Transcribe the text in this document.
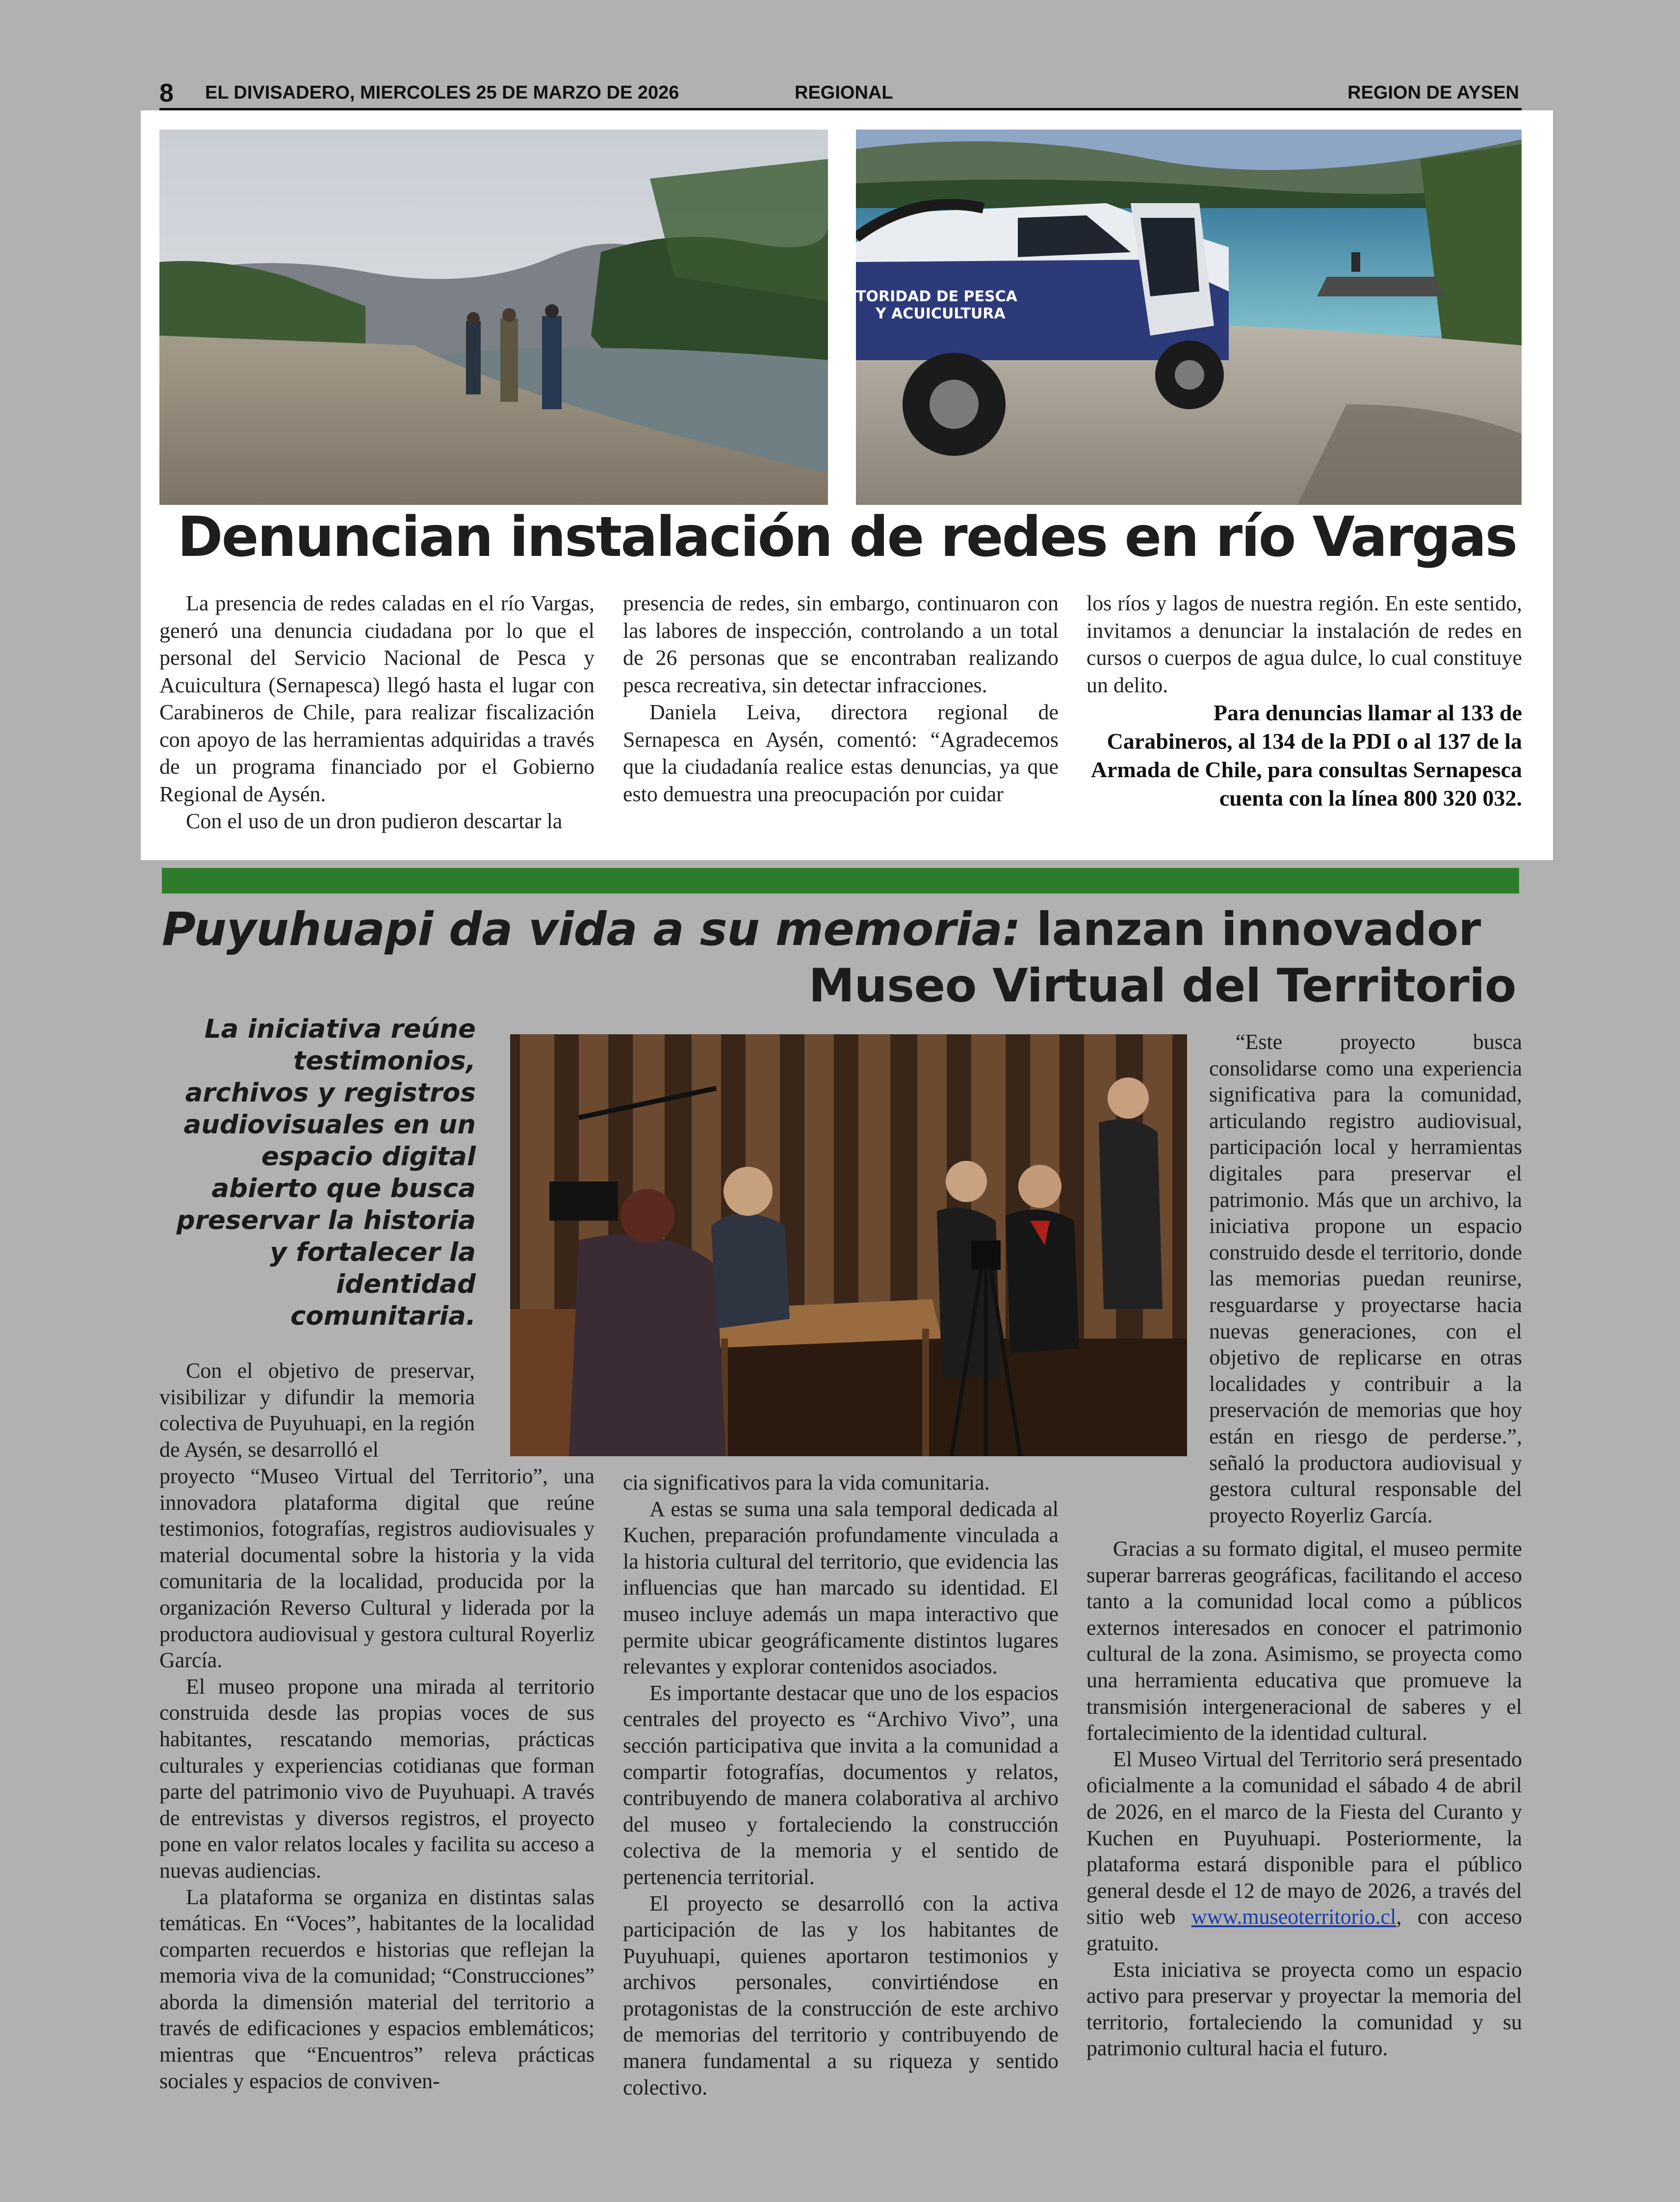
8 EL DIVISADERO, MIERCOLES 25 DE MARZO DE 2026	REGIONAL	REGION DE AYSEN
TORIDAD DE PESCA
Y ACUICULTURA
Denuncian instalación de redes en río Vargas

La presencia de redes caladas en el río Vargas, generó una denuncia ciudadana por lo que el personal del Servicio Nacional de Pesca y Acuicultura (Sernapesca) llegó hasta el lugar con Carabineros de Chile, para realizar fiscalización con apoyo de las herramientas adquiridas a través de un programa financiado por el Gobierno Regional de Aysén.

Con el uso de un dron pudieron descartar la

presencia de redes, sin embargo, continuaron con las labores de inspección, controlando a un total de 26 personas que se encontraban realizando pesca recreativa, sin detectar infracciones.

Daniela Leiva, directora regional de Sernapesca en Aysén, comentó: “Agradecemos que la ciudadanía realice estas denuncias, ya que esto demuestra una preocupación por cuidar

los ríos y lagos de nuestra región. En este sentido, invitamos a denunciar la instalación de redes en cursos o cuerpos de agua dulce, lo cual constituye un delito.

Para denuncias llamar al 133 de Carabineros, al 134 de la PDI o al 137 de la Armada de Chile, para consultas Sernapesca cuenta con la línea 800 320 032.

Puyuhuapi da vida a su memoria: lanzan innovador
Museo Virtual del Territorio
La iniciativa reúne testimonios, archivos y registros audiovisuales en un espacio digital abierto que busca preservar la historia y fortalecer la identidad comunitaria.

Con el objetivo de preservar, visibilizar y difundir la memoria colectiva de Puyuhuapi, en la región de Aysén, se desarrolló el

proyecto “Museo Virtual del Territorio”, una innovadora plataforma digital que reúne testimonios, fotografías, registros audiovisuales y material documental sobre la historia y la vida comunitaria de la localidad, producida por la organización Reverso Cultural y liderada por la productora audiovisual y gestora cultural Royerliz García.

El museo propone una mirada al territorio construida desde las propias voces de sus habitantes, rescatando memorias, prácticas culturales y experiencias cotidianas que forman parte del patrimonio vivo de Puyuhuapi. A través de entrevistas y diversos registros, el proyecto pone en valor relatos locales y facilita su acceso a nuevas audiencias.

La plataforma se organiza en distintas salas temáticas. En “Voces”, habitantes de la localidad comparten recuerdos e historias que reflejan la memoria viva de la comunidad; “Construcciones” aborda la dimensión material del territorio a través de edificaciones y espacios emblemáticos; mientras que “Encuentros” releva prácticas sociales y espacios de conviven-

cia significativos para la vida comunitaria.

A estas se suma una sala temporal dedicada al Kuchen, preparación profundamente vinculada a la historia cultural del territorio, que evidencia las influencias que han marcado su identidad. El museo incluye además un mapa interactivo que permite ubicar geográficamente distintos lugares relevantes y explorar contenidos asociados.

Es importante destacar que uno de los espacios centrales del proyecto es “Archivo Vivo”, una sección participativa que invita a la comunidad a compartir fotografías, documentos y relatos, contribuyendo de manera colaborativa al archivo del museo y fortaleciendo la construcción colectiva de la memoria y el sentido de pertenencia territorial.

El proyecto se desarrolló con la activa participación de las y los habitantes de Puyuhuapi, quienes aportaron testimonios y archivos personales, convirtiéndose en protagonistas de la construcción de este archivo de memorias del territorio y contribuyendo de manera fundamental a su riqueza y sentido colectivo.

“Este proyecto busca consolidarse como una experiencia significativa para la comunidad, articulando registro audiovisual, participación local y herramientas digitales para preservar el patrimonio. Más que un archivo, la iniciativa propone un espacio construido desde el territorio, donde las memorias puedan reunirse, resguardarse y proyectarse hacia nuevas generaciones, con el objetivo de replicarse en otras localidades y contribuir a la preservación de memorias que hoy están en riesgo de perderse.”, señaló la productora audiovisual y gestora cultural responsable del proyecto Royerliz García.

Gracias a su formato digital, el museo permite superar barreras geográficas, facilitando el acceso tanto a la comunidad local como a públicos externos interesados en conocer el patrimonio cultural de la zona. Asimismo, se proyecta como una herramienta educativa que promueve la transmisión intergeneracional de saberes y el fortalecimiento de la identidad cultural.

El Museo Virtual del Territorio será presentado oficialmente a la comunidad el sábado 4 de abril de 2026, en el marco de la Fiesta del Curanto y Kuchen en Puyuhuapi. Posteriormente, la plataforma estará disponible para el público general desde el 12 de mayo de 2026, a través del sitio web www.museoterritorio.cl, con acceso gratuito.

Esta iniciativa se proyecta como un espacio activo para preservar y proyectar la memoria del territorio, fortaleciendo la comunidad y su patrimonio cultural hacia el futuro.
